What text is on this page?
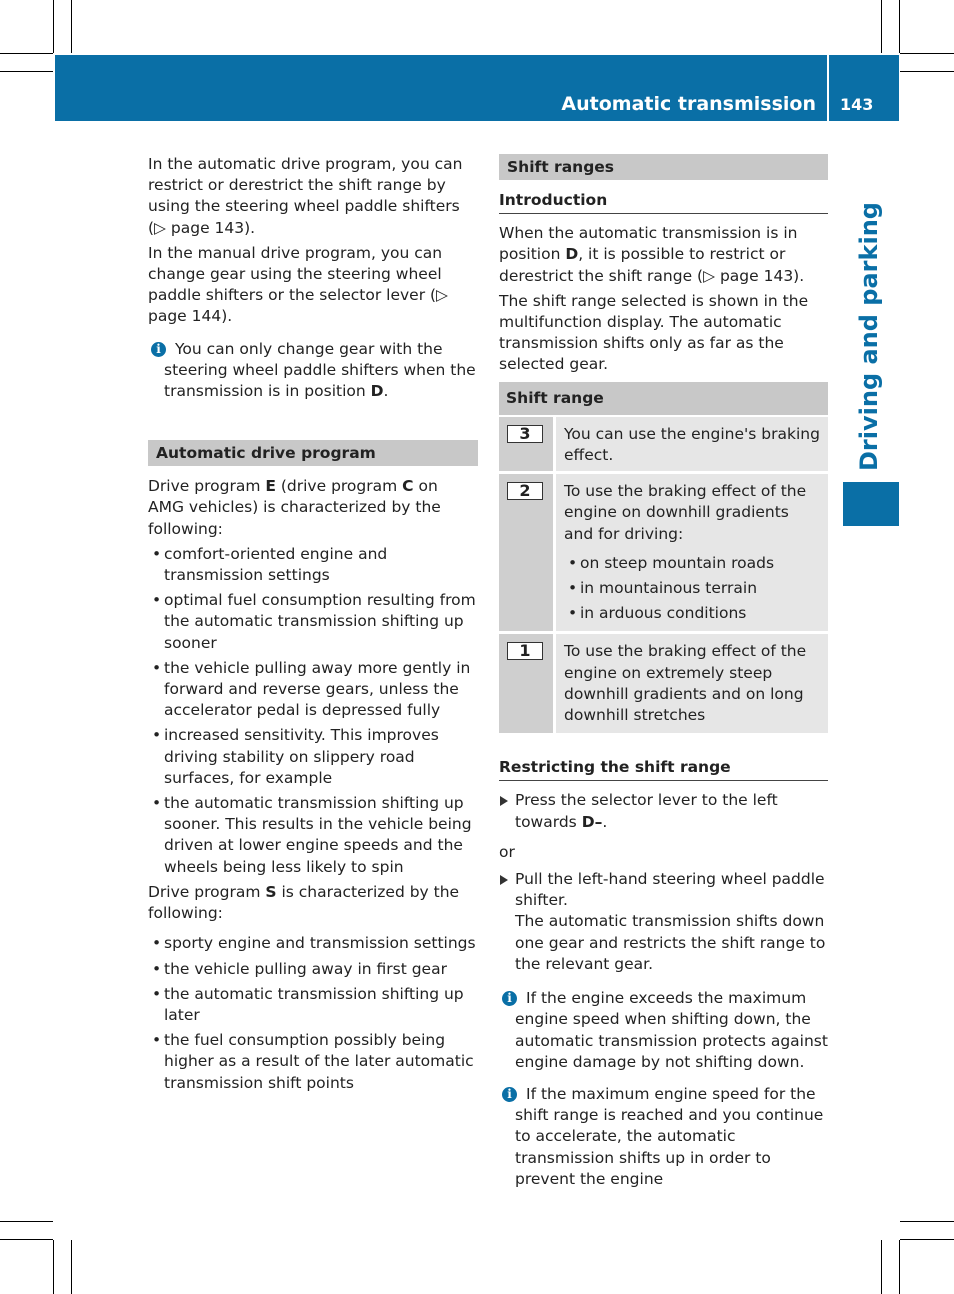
Automatic transmission 143
Driving and parking

In the automatic drive program, you can restrict or derestrict the shift range by using the steering wheel paddle shifters (▷ page 143).

In the manual drive program, you can change gear using the steering wheel paddle shifters or the selector lever (▷ page 144).

i You can only change gear with the steering wheel paddle shifters when the transmission is in position D.
Automatic drive program

Drive program E (drive program C on AMG vehicles) is characterized by the following:

• comfort-oriented engine and transmission settings
• optimal fuel consumption resulting from the automatic transmission shifting up sooner
• the vehicle pulling away more gently in forward and reverse gears, unless the accelerator pedal is depressed fully
• increased sensitivity. This improves driving stability on slippery road surfaces, for example
• the automatic transmission shifting up sooner. This results in the vehicle being driven at lower engine speeds and the wheels being less likely to spin

Drive program S is characterized by the following:

• sporty engine and transmission settings
• the vehicle pulling away in first gear
• the automatic transmission shifting up later
• the fuel consumption possibly being higher as a result of the later automatic transmission shift points
Shift ranges
Introduction

When the automatic transmission is in position D, it is possible to restrict or derestrict the shift range (▷ page 143).

The shift range selected is shown in the multifunction display. The automatic transmission shifts only as far as the selected gear.

Shift range	
3	You can use the engine's braking effect.
2	To use the braking effect of the engine on downhill gradients and for driving:
• on steep mountain roads
• in mountainous terrain
• in arduous conditions

1	To use the braking effect of the engine on extremely steep downhill gradients and on long downhill stretches
Restricting the shift range
Press the selector lever to the left towards D–.

or

Pull the left-hand steering wheel paddle shifter.
The automatic transmission shifts down one gear and restricts the shift range to the relevant gear.
i If the engine exceeds the maximum engine speed when shifting down, the automatic transmission protects against engine damage by not shifting down.
i If the maximum engine speed for the shift range is reached and you continue to accelerate, the automatic transmission shifts up in order to prevent the engine
